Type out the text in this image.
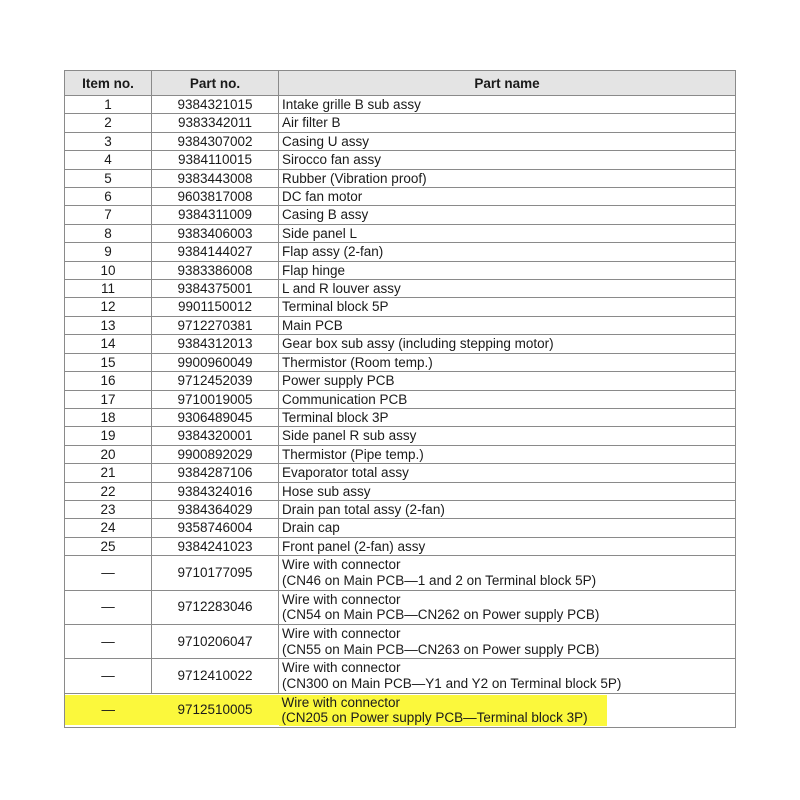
Item no.	Part no.	Part name
1	9384321015	Intake grille B sub assy
2	9383342011	Air filter B
3	9384307002	Casing U assy
4	9384110015	Sirocco fan assy
5	9383443008	Rubber (Vibration proof)
6	9603817008	DC fan motor
7	9384311009	Casing B assy
8	9383406003	Side panel L
9	9384144027	Flap assy (2-fan)
10	9383386008	Flap hinge
11	9384375001	L and R louver assy
12	9901150012	Terminal block 5P
13	9712270381	Main PCB
14	9384312013	Gear box sub assy (including stepping motor)
15	9900960049	Thermistor (Room temp.)
16	9712452039	Power supply PCB
17	9710019005	Communication PCB
18	9306489045	Terminal block 3P
19	9384320001	Side panel R sub assy
20	9900892029	Thermistor (Pipe temp.)
21	9384287106	Evaporator total assy
22	9384324016	Hose sub assy
23	9384364029	Drain pan total assy (2-fan)
24	9358746004	Drain cap
25	9384241023	Front panel (2-fan) assy
—	9710177095	Wire with connector
(CN46 on Main PCB—1 and 2 on Terminal block 5P)

—	9712283046	Wire with connector
(CN54 on Main PCB—CN262 on Power supply PCB)

—	9710206047	Wire with connector
(CN55 on Main PCB—CN263 on Power supply PCB)

—	9712410022	Wire with connector
(CN300 on Main PCB—Y1 and Y2 on Terminal block 5P)

—	9712510005	Wire with connector
(CN205 on Power supply PCB—Terminal block 3P)
